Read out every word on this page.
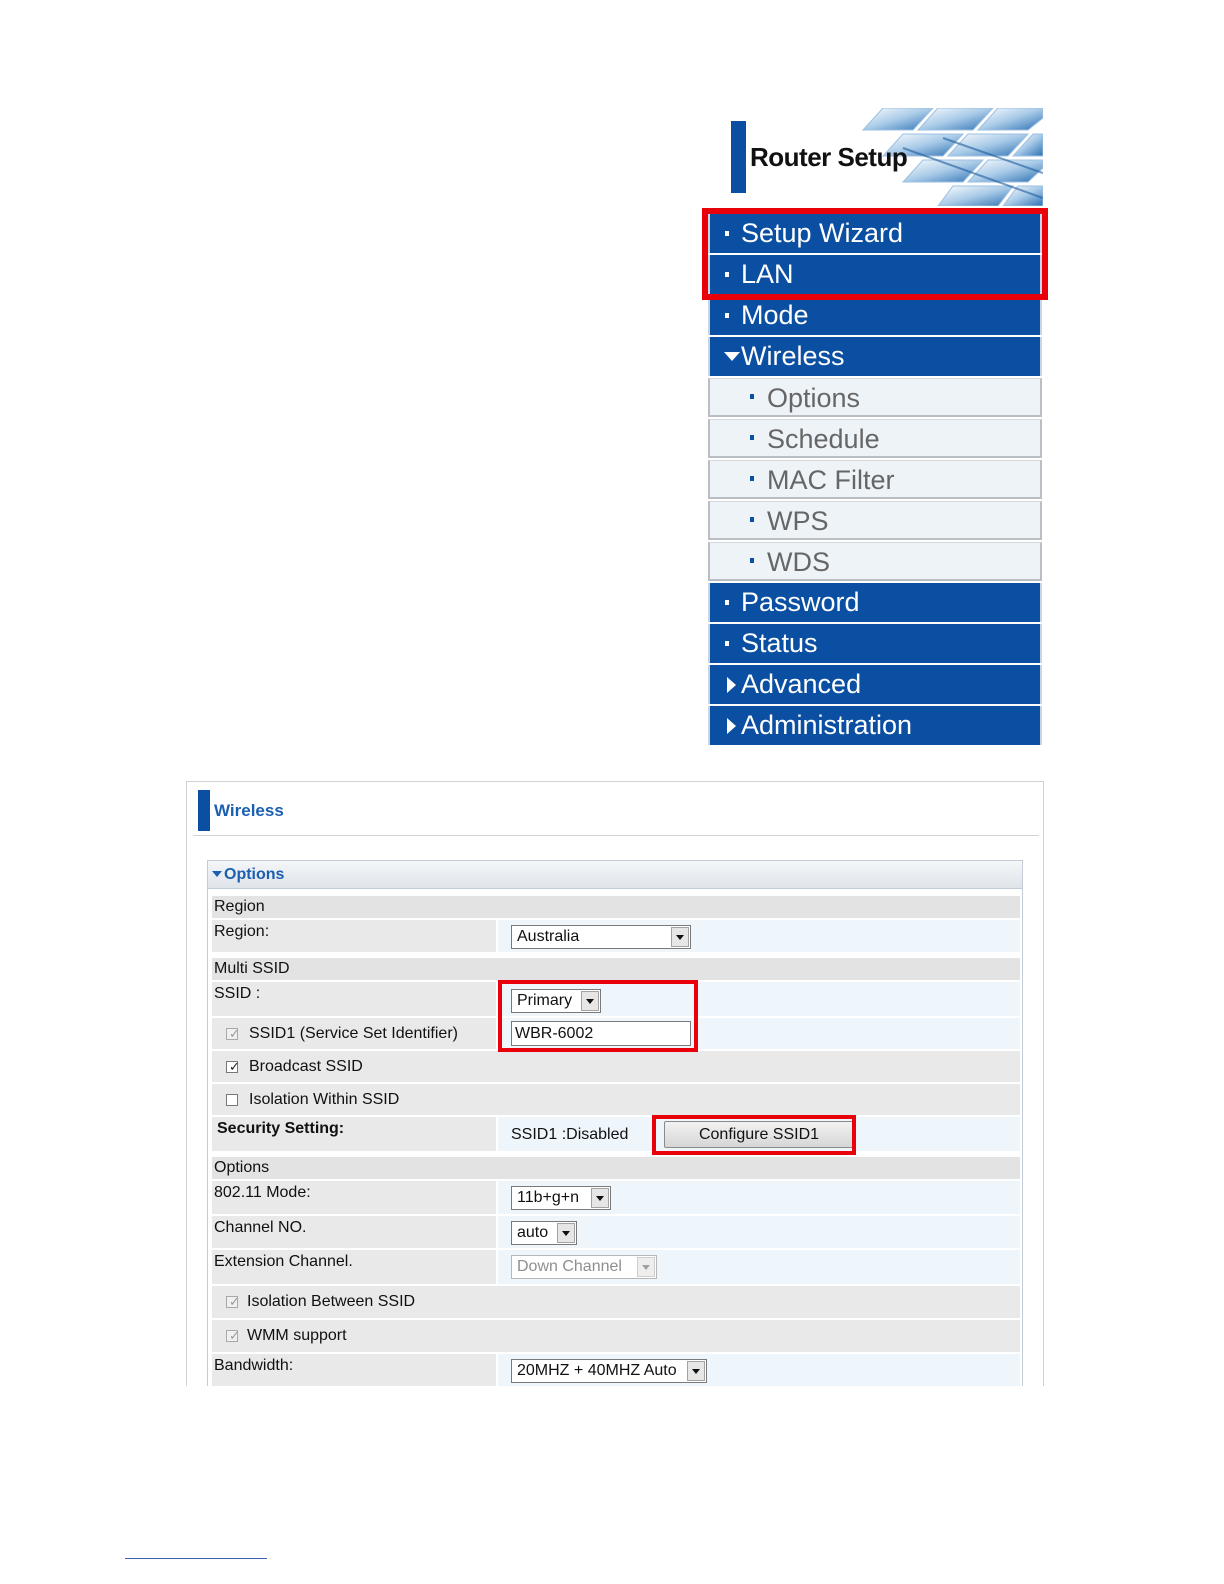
Router Setup
Setup Wizard
LAN
Mode
Wireless
Options
Schedule
MAC Filter
WPS
WDS
Password
Status
Advanced
Administration
Wireless
Options
Region
Region:	Australia
Multi SSID
SSID :	Primary
✓ SSID1 (Service Set Identifier)	WBR-6002
✓ Broadcast SSID
Isolation Within SSID
Security Setting:	SSID1 :Disabled	Configure SSID1
Options
802.11 Mode:	11b+g+n
Channel NO.	auto
Extension Channel.	Down Channel
✓ Isolation Between SSID
✓ WMM support
Bandwidth:	20MHZ + 40MHZ Auto
